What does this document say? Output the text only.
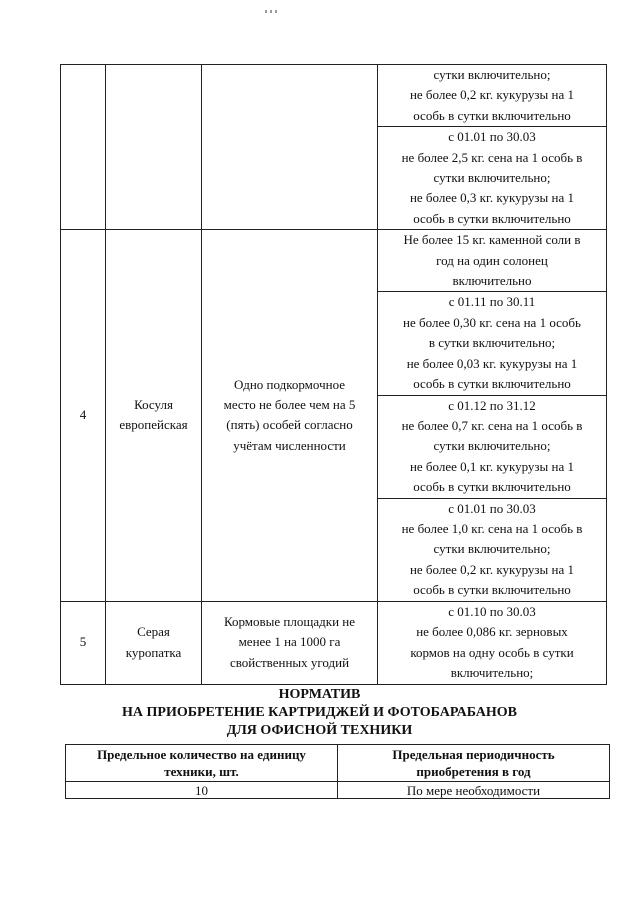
			сутки включительно;
не более 0,2 кг. кукурузы на 1
особь в сутки включительно

			с 01.01 по 30.03
не более 2,5 кг. сена на 1 особь в
сутки включительно;
не более 0,3 кг. кукурузы на 1
особь в сутки включительно

4	Косуля
европейская	Одно подкормочное
место не более чем на 5
(пять) особей согласно
учётам численности	Не более 15 кг. каменной соли в
год на один солонец
включительно

			с 01.11 по 30.11
не более 0,30 кг. сена на 1 особь
в сутки включительно;
не более 0,03 кг. кукурузы на 1
особь в сутки включительно

			с 01.12 по 31.12
не более 0,7 кг. сена на 1 особь в
сутки включительно;
не более 0,1 кг. кукурузы на 1
особь в сутки включительно

			с 01.01 по 30.03
не более 1,0 кг. сена на 1 особь в
сутки включительно;
не более 0,2 кг. кукурузы на 1
особь в сутки включительно

5	Серая
куропатка	Кормовые площадки не
менее 1 на 1000 га
свойственных угодий	с 01.10 по 30.03
не более 0,086 кг. зерновых
кормов на одну особь в сутки
включительно;
НОРМАТИВ
НА ПРИОБРЕТЕНИЕ КАРТРИДЖЕЙ И ФОТОБАРАБАНОВ
ДЛЯ ОФИСНОЙ ТЕХНИКИ
Предельное количество на единицу
техники, шт.	Предельная периодичность
приобретения в год

10	По мере необходимости
